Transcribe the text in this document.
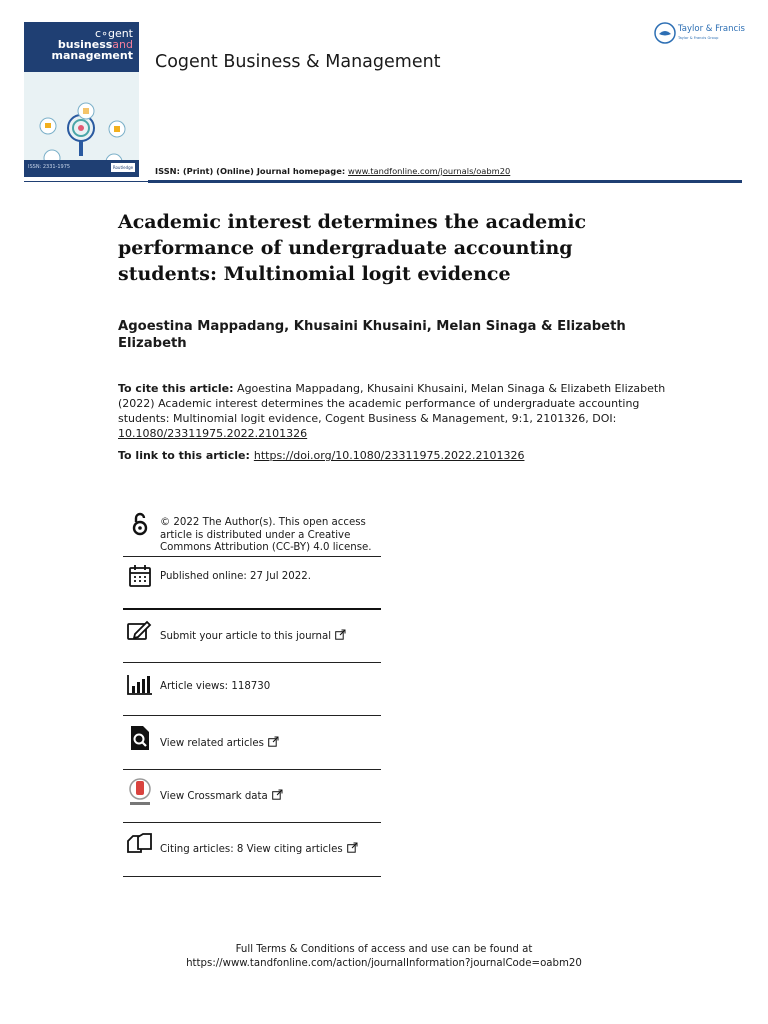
c∘gent
businessand
management
ISSN: 2331-1975	Routledge
Cogent Business & Management
ISSN: (Print) (Online) Journal homepage: www.tandfonline.com/journals/oabm20
Taylor & Francis
Taylor & Francis Group
Academic interest determines the academic performance of undergraduate accounting students: Multinomial logit evidence
Agoestina Mappadang, Khusaini Khusaini, Melan Sinaga & Elizabeth Elizabeth
To cite this article: Agoestina Mappadang, Khusaini Khusaini, Melan Sinaga & Elizabeth Elizabeth (2022) Academic interest determines the academic performance of undergraduate accounting students: Multinomial logit evidence, Cogent Business & Management, 9:1, 2101326, DOI: 10.1080/23311975.2022.2101326
To link to this article: https://doi.org/10.1080/23311975.2022.2101326
© 2022 The Author(s). This open access article is distributed under a Creative Commons Attribution (CC-BY) 4.0 license.
Published online: 27 Jul 2022.
Submit your article to this journal
Article views: 118730
View related articles
View Crossmark data
Citing articles: 8 View citing articles
Full Terms & Conditions of access and use can be found at
https://www.tandfonline.com/action/journalInformation?journalCode=oabm20
